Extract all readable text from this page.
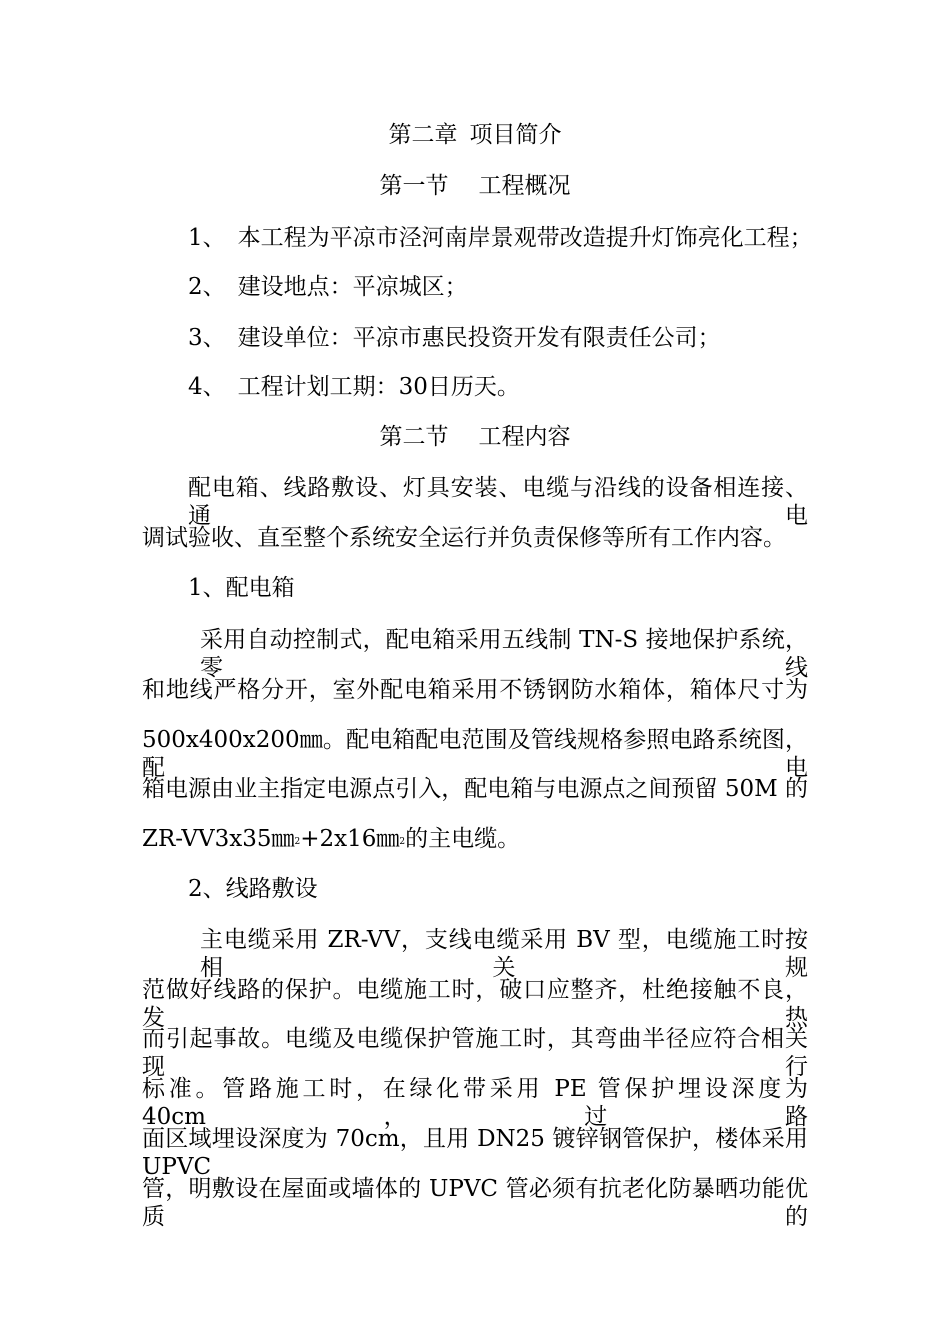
第二章 项目简介
第一节 工程概况
1、 本工程为平凉市泾河南岸景观带改造提升灯饰亮化工程；
2、 建设地点：平凉城区；
3、 建设单位：平凉市惠民投资开发有限责任公司；
4、 工程计划工期：30日历天。
第二节 工程内容
配电箱、线路敷设、灯具安装、电缆与沿线的设备相连接、通电
调试验收、直至整个系统安全运行并负责保修等所有工作内容。
1、配电箱
采用自动控制式，配电箱采用五线制 TN-S 接地保护系统，零线
和地线严格分开，室外配电箱采用不锈钢防水箱体，箱体尺寸为
500x400x200㎜。配电箱配电范围及管线规格参照电路系统图，配电
箱电源由业主指定电源点引入，配电箱与电源点之间预留 50M 的
ZR-VV3x35㎜2+2x16㎜2的主电缆。
2、线路敷设
主电缆采用 ZR-VV，支线电缆采用 BV 型，电缆施工时按相关规
范做好线路的保护。电缆施工时，破口应整齐，杜绝接触不良，发热
而引起事故。电缆及电缆保护管施工时，其弯曲半径应符合相关现行
标准。管路施工时，在绿化带采用 PE 管保护埋设深度为 40cm，过路
面区域埋设深度为 70cm，且用 DN25 镀锌钢管保护，楼体采用 UPVC
管，明敷设在屋面或墙体的 UPVC 管必须有抗老化防暴晒功能优质的
